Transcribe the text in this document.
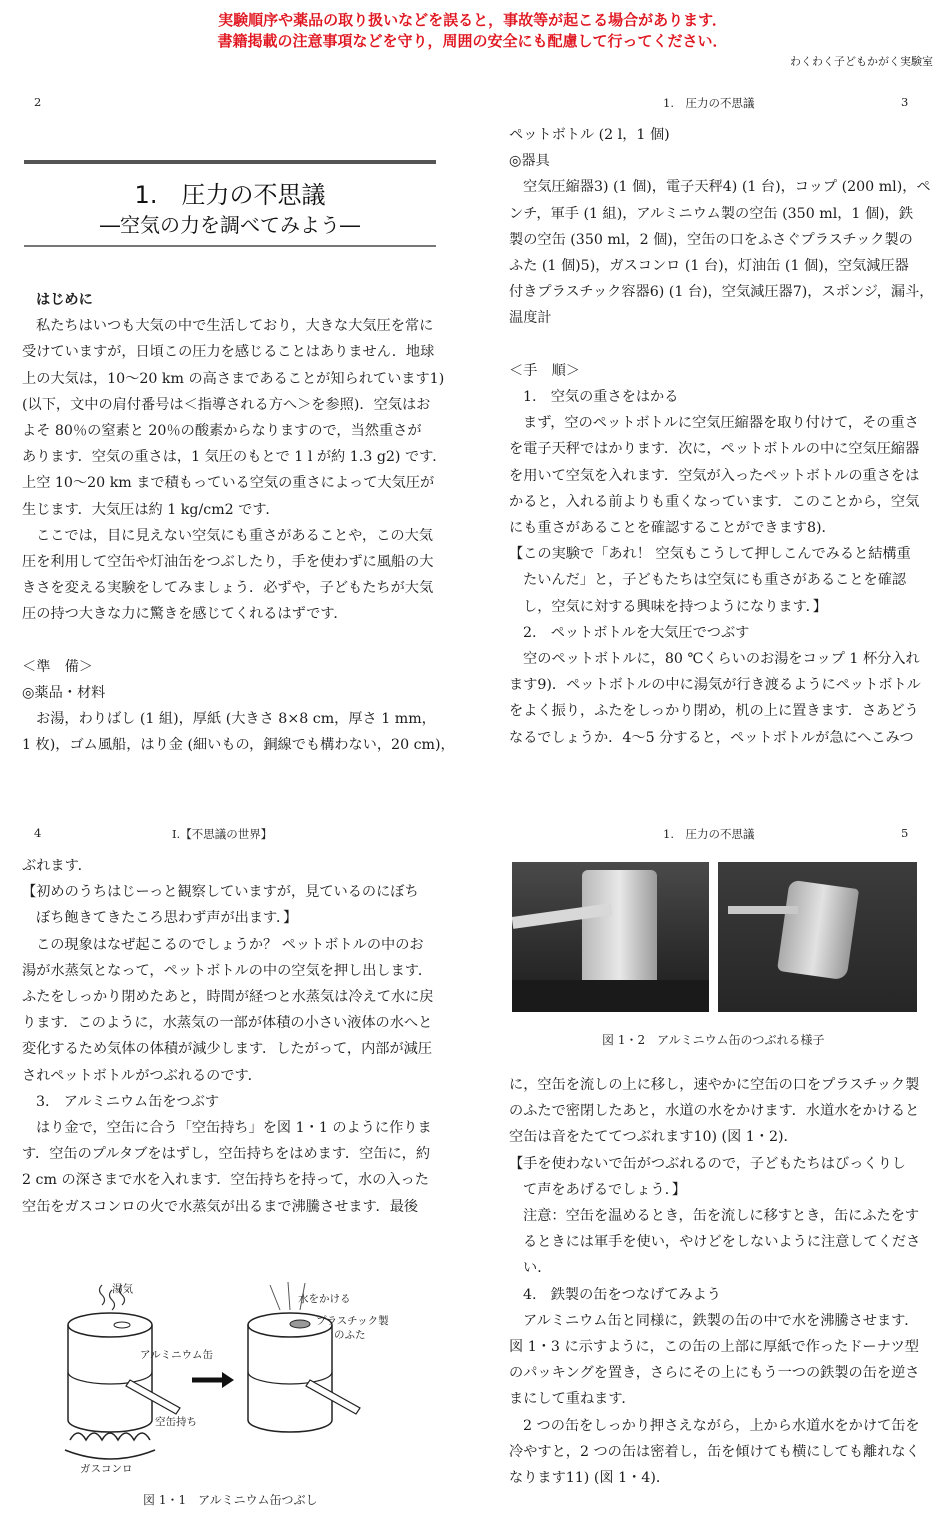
実験順序や薬品の取り扱いなどを誤ると，事故等が起こる場合があります．
書籍掲載の注意事項などを守り，周囲の安全にも配慮して行ってください．
わくわく子どもかがく実験室
2
1.　圧力の不思議
―空気の力を調べてみよう―

はじめに

私たちはいつも大気の中で生活しており，大きな大気圧を常に

受けていますが，日頃この圧力を感じることはありません．地球

上の大気は，10～20 km の高さまであることが知られています1)

(以下，文中の肩付番号は＜指導される方へ＞を参照)．空気はお

よそ 80％の窒素と 20％の酸素からなりますので，当然重さが

あります．空気の重さは，1 気圧のもとで 1 l が約 1.3 g2) です．

上空 10～20 km まで積もっている空気の重さによって大気圧が

生じます．大気圧は約 1 kg/cm2 です．

ここでは，目に見えない空気にも重さがあることや，この大気

圧を利用して空缶や灯油缶をつぶしたり，手を使わずに風船の大

きさを変える実験をしてみましょう．必ずや，子どもたちが大気

圧の持つ大きな力に驚きを感じてくれるはずです．

＜準　備＞

◎薬品・材料

お湯，わりばし (1 組)，厚紙 (大きさ 8×8 cm，厚さ 1 mm，

1 枚)，ゴム風船，はり金 (細いもの，銅線でも構わない，20 cm)，

1.　圧力の不思議	3

ペットボトル (2 l，1 個)

◎器具

空気圧縮器3) (1 個)，電子天秤4) (1 台)，コップ (200 ml)，ペ

ンチ，軍手 (1 組)，アルミニウム製の空缶 (350 ml，1 個)，鉄

製の空缶 (350 ml，2 個)，空缶の口をふさぐプラスチック製の

ふた (1 個)5)，ガスコンロ (1 台)，灯油缶 (1 個)，空気減圧器

付きプラスチック容器6) (1 台)，空気減圧器7)，スポンジ，漏斗，

温度計

＜手　順＞

1.　空気の重さをはかる

まず，空のペットボトルに空気圧縮器を取り付けて，その重さ

を電子天秤ではかります．次に，ペットボトルの中に空気圧縮器

を用いて空気を入れます．空気が入ったペットボトルの重さをは

かると，入れる前よりも重くなっています．このことから，空気

にも重さがあることを確認することができます8)．

【この実験で「あれ！ 空気もこうして押しこんでみると結構重

たいんだ」と，子どもたちは空気にも重さがあることを確認

し，空気に対する興味を持つようになります．】

2.　ペットボトルを大気圧でつぶす

空のペットボトルに，80 ℃くらいのお湯をコップ 1 杯分入れ

ます9)．ペットボトルの中に湯気が行き渡るようにペットボトル

をよく振り，ふたをしっかり閉め，机の上に置きます．さあどう

なるでしょうか．4～5 分すると，ペットボトルが急にへこみつ

4	I.【不思議の世界】

ぶれます．

【初めのうちはじーっと観察していますが，見ているのにぼち

ぼち飽きてきたころ思わず声が出ます．】

この現象はなぜ起こるのでしょうか？ ペットボトルの中のお

湯が水蒸気となって，ペットボトルの中の空気を押し出します．

ふたをしっかり閉めたあと，時間が経つと水蒸気は冷えて水に戻

ります．このように，水蒸気の一部が体積の小さい液体の水へと

変化するため気体の体積が減少します．したがって，内部が減圧

されペットボトルがつぶれるのです．

3.　アルミニウム缶をつぶす

はり金で，空缶に合う「空缶持ち」を図 1・1 のように作りま

す．空缶のプルタブをはずし，空缶持ちをはめます．空缶に，約

2 cm の深さまで水を入れます．空缶持ちを持って，水の入った

空缶をガスコンロの火で水蒸気が出るまで沸騰させます．最後

湯気
アルミニウム缶
空缶持ち
ガスコンロ
水をかける
プラスチック製
のふた
図 1・1　アルミニウム缶つぶし
1.　圧力の不思議	5
図 1・2　アルミニウム缶のつぶれる様子

に，空缶を流しの上に移し，速やかに空缶の口をプラスチック製

のふたで密閉したあと，水道の水をかけます．水道水をかけると

空缶は音をたててつぶれます10) (図 1・2)．

【手を使わないで缶がつぶれるので，子どもたちはびっくりし

て声をあげるでしょう．】

注意：空缶を温めるとき，缶を流しに移すとき，缶にふたをす

るときには軍手を使い，やけどをしないように注意してくださ

い．

4.　鉄製の缶をつなげてみよう

アルミニウム缶と同様に，鉄製の缶の中で水を沸騰させます．

図 1・3 に示すように，この缶の上部に厚紙で作ったドーナツ型

のパッキングを置き，さらにその上にもう一つの鉄製の缶を逆さ

まにして重ねます．

2 つの缶をしっかり押さえながら，上から水道水をかけて缶を

冷やすと，2 つの缶は密着し，缶を傾けても横にしても離れなく

なります11) (図 1・4)．
